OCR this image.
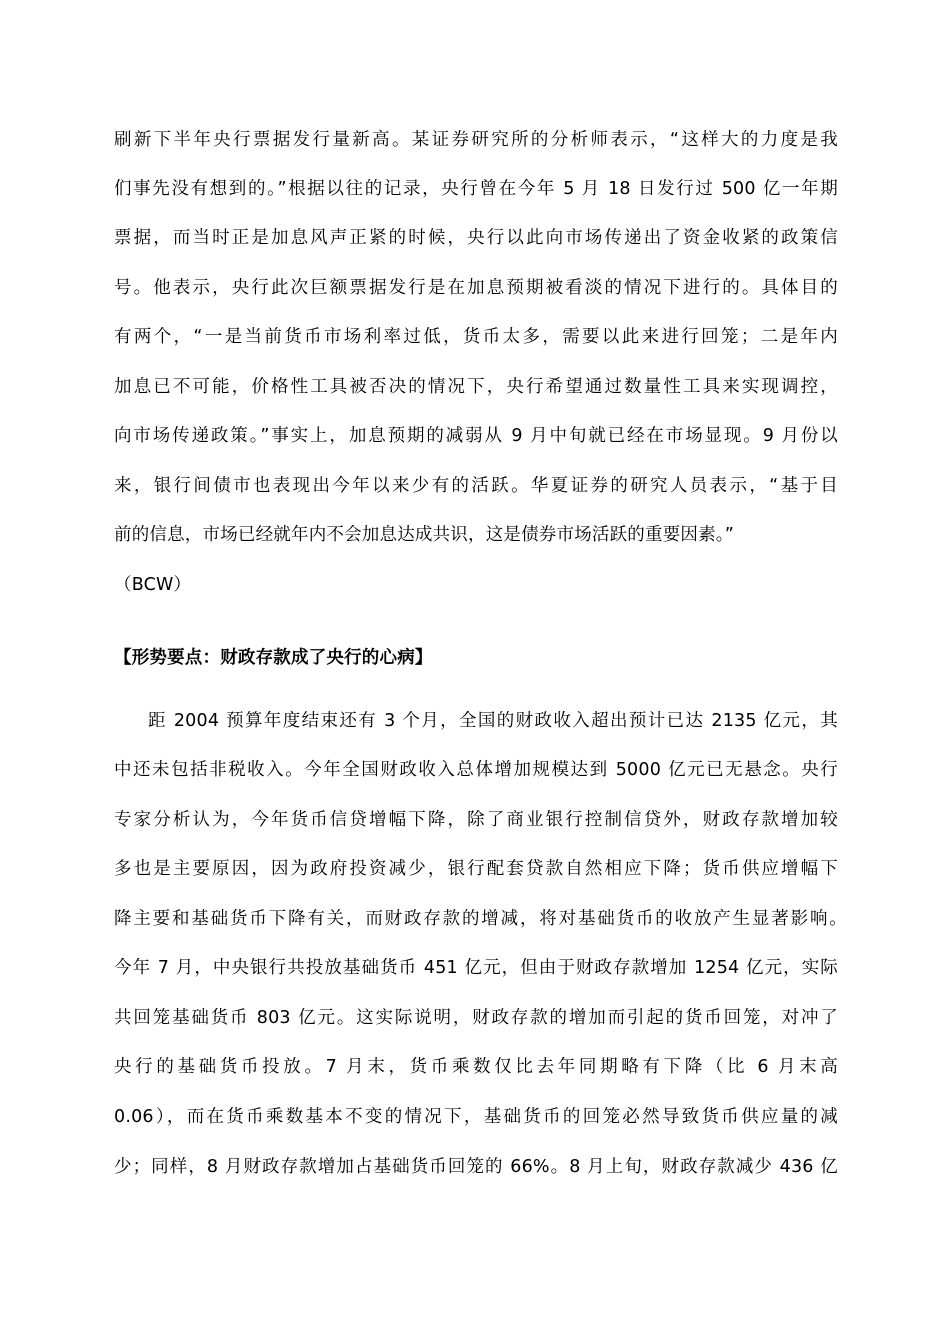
刷新下半年央行票据发行量新高。某证券研究所的分析师表示，“这样大的力度是我
们事先没有想到的。”根据以往的记录，央行曾在今年 5 月 18 日发行过 500 亿一年期
票据，而当时正是加息风声正紧的时候，央行以此向市场传递出了资金收紧的政策信
号。他表示，央行此次巨额票据发行是在加息预期被看淡的情况下进行的。具体目的
有两个，“一是当前货币市场利率过低，货币太多，需要以此来进行回笼；二是年内
加息已不可能，价格性工具被否决的情况下，央行希望通过数量性工具来实现调控，
向市场传递政策。”事实上，加息预期的减弱从 9 月中旬就已经在市场显现。9 月份以
来，银行间债市也表现出今年以来少有的活跃。华夏证券的研究人员表示，“基于目
前的信息，市场已经就年内不会加息达成共识，这是债券市场活跃的重要因素。”
（BCW）
【形势要点：财政存款成了央行的心病】
距 2004 预算年度结束还有 3 个月，全国的财政收入超出预计已达 2135 亿元，其
中还未包括非税收入。今年全国财政收入总体增加规模达到 5000 亿元已无悬念。央行
专家分析认为，今年货币信贷增幅下降，除了商业银行控制信贷外，财政存款增加较
多也是主要原因，因为政府投资减少，银行配套贷款自然相应下降；货币供应增幅下
降主要和基础货币下降有关，而财政存款的增减，将对基础货币的收放产生显著影响。
今年 7 月，中央银行共投放基础货币 451 亿元，但由于财政存款增加 1254 亿元，实际
共回笼基础货币 803 亿元。这实际说明，财政存款的增加而引起的货币回笼，对冲了
央行的基础货币投放。7 月末，货币乘数仅比去年同期略有下降（比 6 月末高
0.06），而在货币乘数基本不变的情况下，基础货币的回笼必然导致货币供应量的减
少；同样，8 月财政存款增加占基础货币回笼的 66%。8 月上旬，财政存款减少 436 亿
